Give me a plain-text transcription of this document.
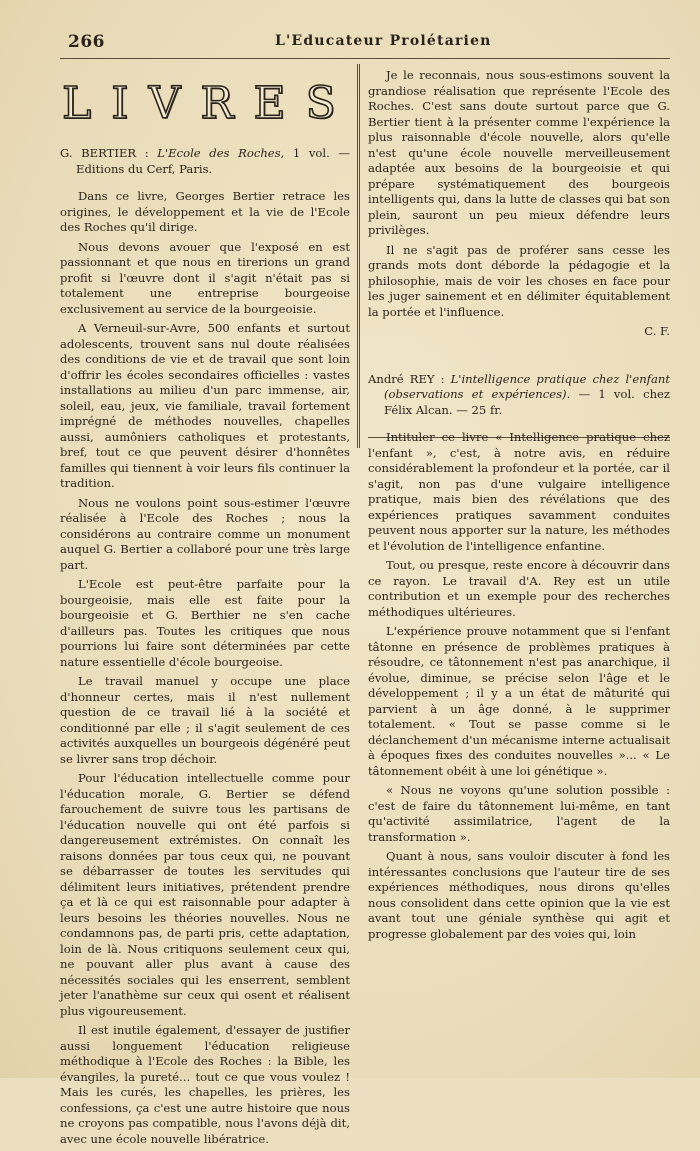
266	L'Educateur Prolétarien
LIVRES

G. BERTIER : L'Ecole des Roches, 1 vol. — Editions du Cerf, Paris.

Dans ce livre, Georges Bertier retrace les origines, le développement et la vie de l'Ecole des Roches qu'il dirige.

Nous devons avouer que l'exposé en est passionnant et que nous en tirerions un grand profit si l'œuvre dont il s'agit n'était pas si totalement une entreprise bourgeoise exclusivement au service de la bourgeoisie.

A Verneuil-sur-Avre, 500 enfants et surtout adolescents, trouvent sans nul doute réalisées des conditions de vie et de travail que sont loin d'offrir les écoles secondaires officielles : vastes installations au milieu d'un parc immense, air, soleil, eau, jeux, vie familiale, travail fortement imprégné de méthodes nouvelles, chapelles aussi, aumôniers catholiques et protestants, bref, tout ce que peuvent désirer d'honnêtes familles qui tiennent à voir leurs fils continuer la tradition.

Nous ne voulons point sous-estimer l'œuvre réalisée à l'Ecole des Roches ; nous la considérons au contraire comme un monument auquel G. Bertier a collaboré pour une très large part.

L'Ecole est peut-être parfaite pour la bourgeoisie, mais elle est faite pour la bourgeoisie et G. Berthier ne s'en cache d'ailleurs pas. Toutes les critiques que nous pourrions lui faire sont déterminées par cette nature essentielle d'école bourgeoise.

Le travail manuel y occupe une place d'honneur certes, mais il n'est nullement question de ce travail lié à la société et conditionné par elle ; il s'agit seulement de ces activités auxquelles un bourgeois dégénéré peut se livrer sans trop déchoir.

Pour l'éducation intellectuelle comme pour l'éducation morale, G. Bertier se défend farouchement de suivre tous les partisans de l'éducation nouvelle qui ont été parfois si dangereusement extrémistes. On connaît les raisons données par tous ceux qui, ne pouvant se débarrasser de toutes les servitudes qui délimitent leurs initiatives, prétendent prendre ça et là ce qui est raisonnable pour adapter à leurs besoins les théories nouvelles. Nous ne condamnons pas, de parti pris, cette adaptation, loin de là. Nous critiquons seulement ceux qui, ne pouvant aller plus avant à cause des nécessités sociales qui les enserrent, semblent jeter l'anathème sur ceux qui osent et réalisent plus vigoureusement.

Il est inutile également, d'essayer de justifier aussi longuement l'éducation religieuse méthodique à l'Ecole des Roches : la Bible, les évangiles, la pureté... tout ce que vous voulez ! Mais les curés, les chapelles, les prières, les confessions, ça c'est une autre histoire que nous ne croyons pas compatible, nous l'avons déjà dit, avec une école nouvelle libératrice.

Je le reconnais, nous sous-estimons souvent la grandiose réalisation que représente l'Ecole des Roches. C'est sans doute surtout parce que G. Bertier tient à la présenter comme l'expérience la plus raisonnable d'école nouvelle, alors qu'elle n'est qu'une école nouvelle merveilleusement adaptée aux besoins de la bourgeoisie et qui prépare systématiquement des bourgeois intelligents qui, dans la lutte de classes qui bat son plein, sauront un peu mieux défendre leurs privilèges.

Il ne s'agit pas de proférer sans cesse les grands mots dont déborde la pédagogie et la philosophie, mais de voir les choses en face pour les juger sainement et en délimiter équitablement la portée et l'influence.

C. F.

André REY : L'intelligence pratique chez l'enfant (observations et expériences). — 1 vol. chez Félix Alcan. — 25 fr.

Intituler ce livre « Intelligence pratique chez l'enfant », c'est, à notre avis, en réduire considérablement la profondeur et la portée, car il s'agit, non pas d'une vulgaire intelligence pratique, mais bien des révélations que des expériences pratiques savamment conduites peuvent nous apporter sur la nature, les méthodes et l'évolution de l'intelligence enfantine.

Tout, ou presque, reste encore à découvrir dans ce rayon. Le travail d'A. Rey est un utile contribution et un exemple pour des recherches méthodiques ultérieures.

L'expérience prouve notamment que si l'enfant tâtonne en présence de problèmes pratiques à résoudre, ce tâtonnement n'est pas anarchique, il évolue, diminue, se précise selon l'âge et le développement ; il y a un état de mâturité qui parvient à un âge donné, à le supprimer totalement. « Tout se passe comme si le déclanchement d'un mécanisme interne actualisait à époques fixes des conduites nouvelles »... « Le tâtonnement obéit à une loi génétique ».

« Nous ne voyons qu'une solution possible : c'est de faire du tâtonnement lui-même, en tant qu'activité assimilatrice, l'agent de la transformation ».

Quant à nous, sans vouloir discuter à fond les intéressantes conclusions que l'auteur tire de ses expériences méthodiques, nous dirons qu'elles nous consolident dans cette opinion que la vie est avant tout une géniale synthèse qui agit et progresse globalement par des voies qui, loin
